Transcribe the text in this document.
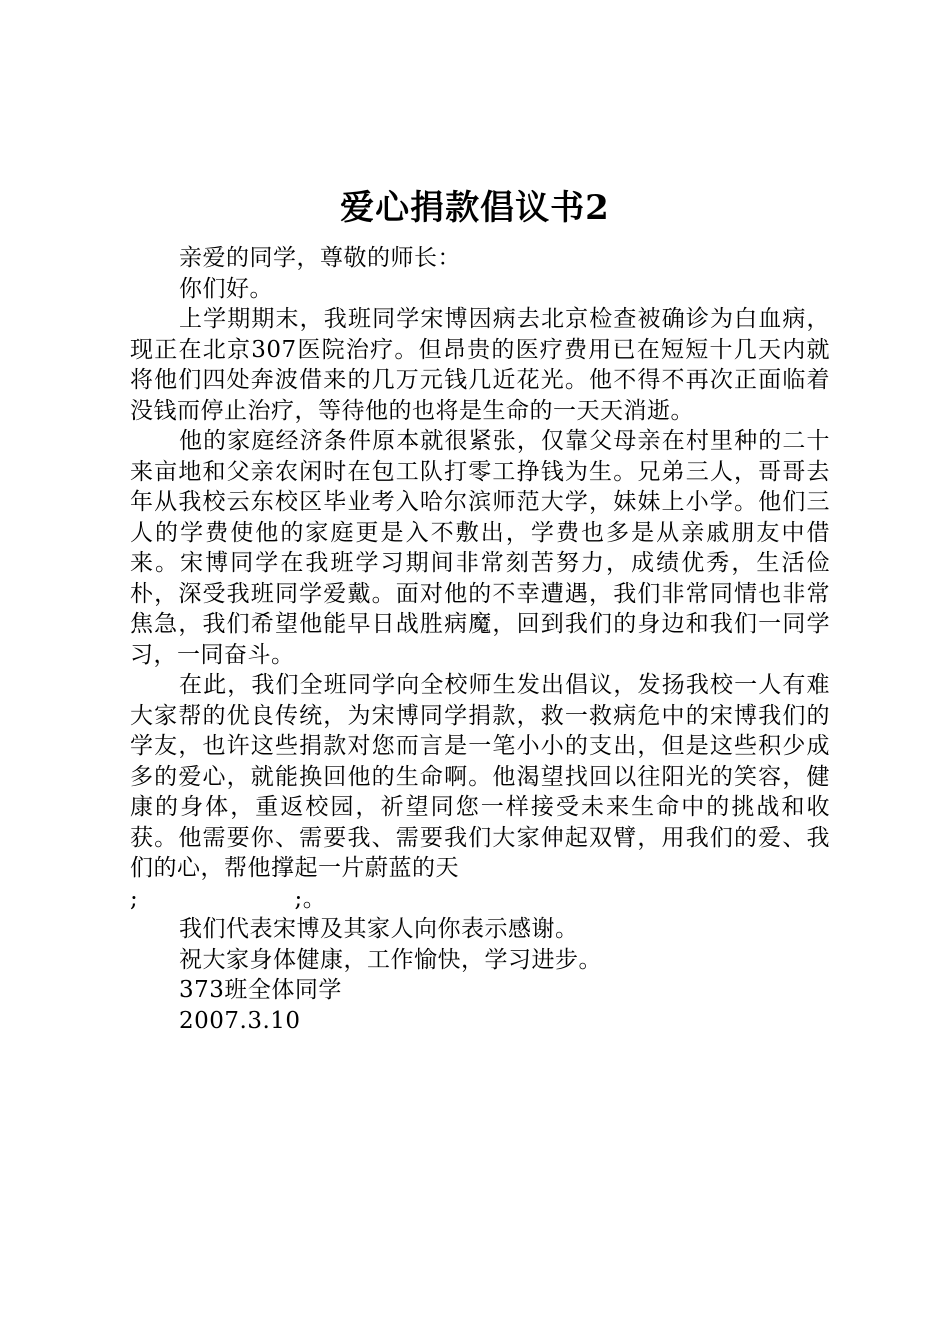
爱心捐款倡议书2

亲爱的同学，尊敬的师长：

你们好。

上学期期末，我班同学宋博因病去北京检查被确诊为白血病，现正在北京307医院治疗。但昂贵的医疗费用已在短短十几天内就将他们四处奔波借来的几万元钱几近花光。他不得不再次正面临着没钱而停止治疗，等待他的也将是生命的一天天消逝。

他的家庭经济条件原本就很紧张，仅靠父母亲在村里种的二十来亩地和父亲农闲时在包工队打零工挣钱为生。兄弟三人，哥哥去年从我校云东校区毕业考入哈尔滨师范大学，妹妹上小学。他们三人的学费使他的家庭更是入不敷出，学费也多是从亲戚朋友中借来。宋博同学在我班学习期间非常刻苦努力，成绩优秀，生活俭朴，深受我班同学爱戴。面对他的不幸遭遇，我们非常同情也非常焦急，我们希望他能早日战胜病魔，回到我们的身边和我们一同学习，一同奋斗。

在此，我们全班同学向全校师生发出倡议，发扬我校一人有难大家帮的优良传统，为宋博同学捐款，救一救病危中的宋博我们的学友，也许这些捐款对您而言是一笔小小的支出，但是这些积少成多的爱心，就能换回他的生命啊。他渴望找回以往阳光的笑容，健康的身体，重返校园，祈望同您一样接受未来生命中的挑战和收获。他需要你、需要我、需要我们大家伸起双臂，用我们的爱、我们的心，帮他撑起一片蔚蓝的天

;                    ;。

我们代表宋博及其家人向你表示感谢。

祝大家身体健康，工作愉快，学习进步。

373班全体同学

2007.3.10
